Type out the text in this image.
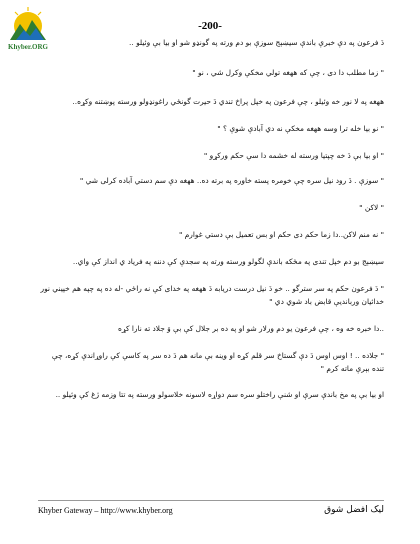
Khyber.ORG
-200-

دَ فرعون په دې خبرې باندې سيښېج سوزې بو دم ورته په گونډو شو او بيا بې وئيلو ..

" زما مطلب دا دی ، چې که ههغه تولي مخکې وکرل شي ، نو "

ههغه په لا نور خه وئيلو ، چې فرعون په خپل پراخ تندي دَ حيرت گونځي راغونډولو ورسته پوښتنه وکړه..

" نو بيا خله ترا وسه ههغه مخکې نه دي آبادې شوې ؟ "

" او بيا بې دَ خه چپتيا ورسته له خشمه دا سې حکم ورکړو "

" سوزې . دَ رود نيل سره چې خومره پسته خاوره په برته ده.. ههغه دې سم دستي آباده کرلی شي "

" لاکن "

" نه منم لاکن..دا زما حکم دی حکم او بس تعميل بې دستي غوارم "

سيښېج بو دم خپل تندی په مځکه باندې لگولو ورسته ورته په سجدې کې دننه په فرياد ي انداز کې واي..

" دَ فرعون حکم په سر سترگو .. خو دَ نيل درست دريابه دَ ههغه په خدای کې نه راځي -له ده په چپه هم خپيني نور خدائيان وربانديې قابض باد شوي دي "

..دا خبره خه وه ، چې فرعون يو دم ورلار شو او په ده بر جلال کې بې وَ جلاد ته نارا کړه

" جلاده .. ! اوس اوس دَ دې گستاخ سر قلم کړه او وينه بې مانه هم دَ ده سر په کاسې کې راوړاندې کړه، چې تنده بېرې ماته کرم "

او بيا بې په مخ باندې سرې او شنې راختلو سره سم دواړه لاسونه خلاسولو ورسته په تتا وزمه ژغ کې وئيلو ..

Khyber Gateway – http://www.khyber.org	ليک افضل شوق
